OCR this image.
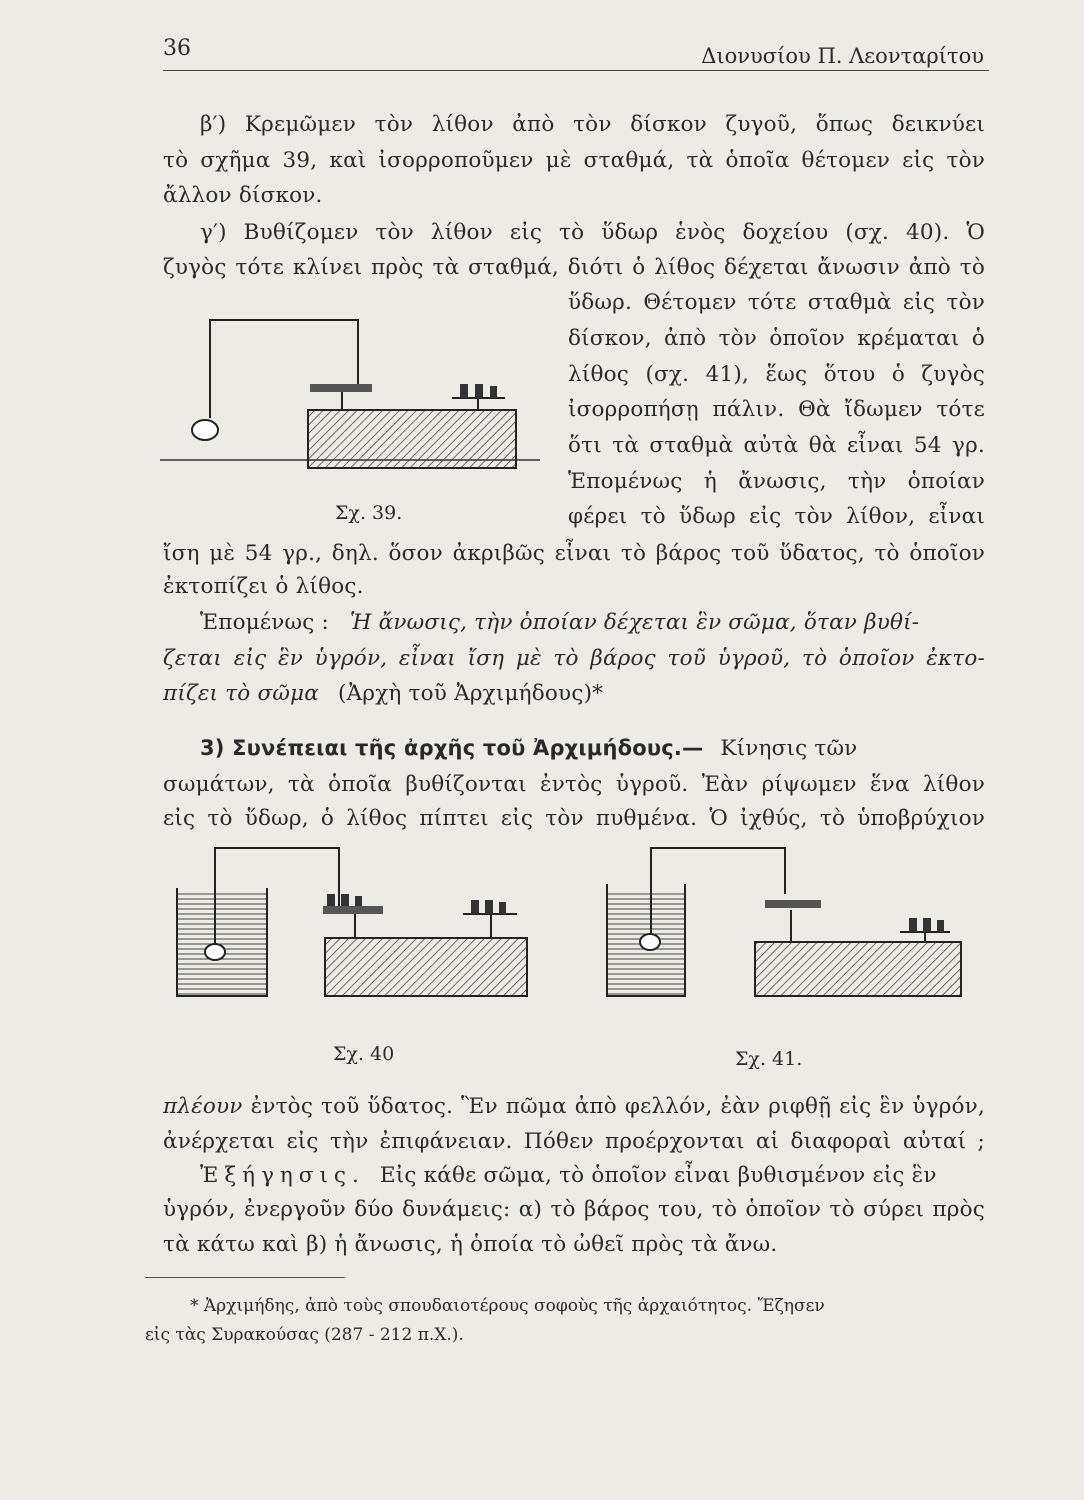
36	Διονυσίου Π. Λεονταρίτου
β′) Κρεμῶμεν τὸν λίθον ἀπὸ τὸν δίσκον ζυγοῦ, ὅπως δεικνύει
τὸ σχῆμα 39, καὶ ἰσορροποῦμεν μὲ σταθμά, τὰ ὁποῖα θέτομεν εἰς τὸν
ἄλλον δίσκον.
γ′) Βυθίζομεν τὸν λίθον εἰς τὸ ὕδωρ ἑνὸς δοχείου (σχ. 40). Ὁ
ζυγὸς τότε κλίνει πρὸς τὰ σταθμά, διότι ὁ λίθος δέχεται ἄνωσιν ἀπὸ τὸ
ὕδωρ. Θέτομεν τότε σταθμὰ εἰς τὸν
δίσκον, ἀπὸ τὸν ὁποῖον κρέμαται ὁ
λίθος (σχ. 41), ἕως ὅτου ὁ ζυγὸς
ἰσορροπήσῃ πάλιν. Θὰ ἴδωμεν τότε
ὅτι τὰ σταθμὰ αὐτὰ θὰ εἶναι 54 γρ.
Ἑπομένως ἡ ἄνωσις, τὴν ὁποίαν
φέρει τὸ ὕδωρ εἰς τὸν λίθον, εἶναι
Σχ. 39.
ἴση μὲ 54 γρ., δηλ. ὅσον ἀκριβῶς εἶναι τὸ βάρος τοῦ ὕδατος, τὸ ὁποῖον
ἐκτοπίζει ὁ λίθος.
Ἑπομένως : Ἡ ἄνωσις, τὴν ὁποίαν δέχεται ἓν σῶμα, ὅταν βυθί-
ζεται εἰς ἓν ὑγρόν, εἶναι ἴση μὲ τὸ βάρος τοῦ ὑγροῦ, τὸ ὁποῖον ἐκτο-
πίζει τὸ σῶμα (Ἀρχὴ τοῦ Ἀρχιμήδους)*
3) Συνέπειαι τῆς ἀρχῆς τοῦ Ἀρχιμήδους.— Κίνησις τῶν
σωμάτων, τὰ ὁποῖα βυθίζονται ἐντὸς ὑγροῦ. Ἐὰν ρίψωμεν ἕνα λίθον
εἰς τὸ ὕδωρ, ὁ λίθος πίπτει εἰς τὸν πυθμένα. Ὁ ἰχθύς, τὸ ὑποβρύχιον
Σχ. 40	Σχ. 41.
πλέουν ἐντὸς τοῦ ὕδατος. Ἓν πῶμα ἀπὸ φελλόν, ἐὰν ριφθῇ εἰς ἓν ὑγρόν,
ἀνέρχεται εἰς τὴν ἐπιφάνειαν. Πόθεν προέρχονται αἱ διαφοραὶ αὐταί ;
Ἐξήγησις. Εἰς κάθε σῶμα, τὸ ὁποῖον εἶναι βυθισμένον εἰς ἓν
ὑγρόν, ἐνεργοῦν δύο δυνάμεις: α) τὸ βάρος του, τὸ ὁποῖον τὸ σύρει πρὸς
τὰ κάτω καὶ β) ἡ ἄνωσις, ἡ ὁποία τὸ ὠθεῖ πρὸς τὰ ἄνω.
* Ἀρχιμήδης, ἀπὸ τοὺς σπουδαιοτέρους σοφοὺς τῆς ἀρχαιότητος. Ἔζησεν
εἰς τὰς Συρακούσας (287 - 212 π.Χ.).
